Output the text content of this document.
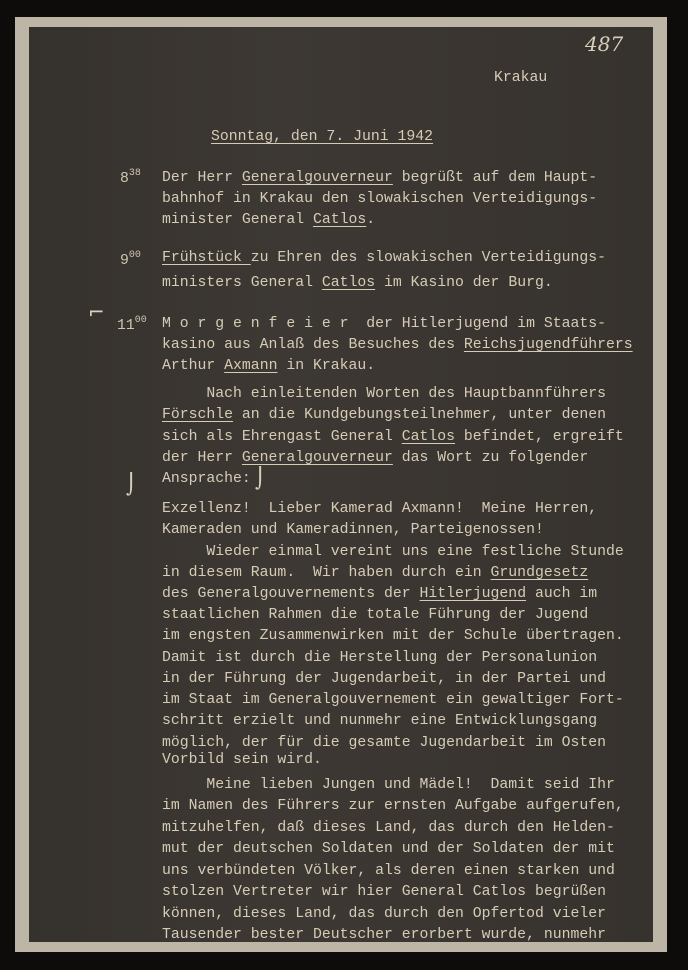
487
Krakau
Sonntag, den 7. Juni 1942
$8^{38}$
$9^{00}$
$11^{00}$
⌐
⌡	⌡
Der Herr Generalgouverneur begrüßt auf dem Haupt-
bahnhof in Krakau den slowakischen Verteidigungs-
minister General Catlos.
Frühstück zu Ehren des slowakischen Verteidigungs-
ministers General Catlos im Kasino der Burg.
M o r g e n f e i e r  der Hitlerjugend im Staats-
kasino aus Anlaß des Besuches des Reichsjugendführers
Arthur Axmann in Krakau.
Nach einleitenden Worten des Hauptbannführers
Förschle an die Kundgebungsteilnehmer, unter denen
sich als Ehrengast General Catlos befindet, ergreift
der Herr Generalgouverneur das Wort zu folgender
Ansprache:
Exzellenz!  Lieber Kamerad Axmann!  Meine Herren,
Kameraden und Kameradinnen, Parteigenossen!
Wieder einmal vereint uns eine festliche Stunde
in diesem Raum.  Wir haben durch ein Grundgesetz
des Generalgouvernements der Hitlerjugend auch im
staatlichen Rahmen die totale Führung der Jugend
im engsten Zusammenwirken mit der Schule übertragen.
Damit ist durch die Herstellung der Personalunion
in der Führung der Jugendarbeit, in der Partei und
im Staat im Generalgouvernement ein gewaltiger Fort-
schritt erzielt und nunmehr eine Entwicklungsgang
möglich, der für die gesamte Jugendarbeit im Osten
Vorbild sein wird.
Meine lieben Jungen und Mädel!  Damit seid Ihr
im Namen des Führers zur ernsten Aufgabe aufgerufen,
mitzuhelfen, daß dieses Land, das durch den Helden-
mut der deutschen Soldaten und der Soldaten der mit
uns verbündeten Völker, als deren einen starken und
stolzen Vertreter wir hier General Catlos begrüßen
können, dieses Land, das durch den Opfertod vieler
Tausender bester Deutscher erorbert wurde, nunmehr
